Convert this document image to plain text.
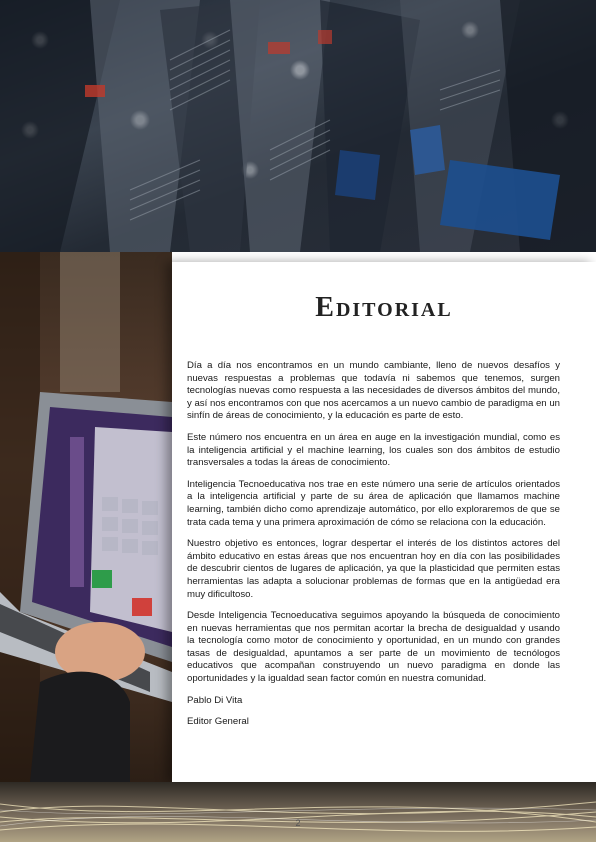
Editorial

Día a día nos encontramos en un mundo cambiante, lleno de nuevos desafíos y nuevas respuestas a problemas que todavía ni sabemos que tenemos, surgen tecnologías nuevas como respuesta a las necesidades de diversos ámbitos del mundo, y así nos encontramos con que nos acercamos a un nuevo cambio de paradigma en un sinfín de áreas de conocimiento, y la educación es parte de esto.

Este número nos encuentra en un área en auge en la investigación mundial, como es la inteligencia artificial y el machine learning, los cuales son dos ámbitos de estudio transversales a todas la áreas de conocimiento.

Inteligencia Tecnoeducativa nos trae en este número una serie de artículos orientados a la inteligencia artificial y parte de su área de aplicación que llamamos machine learning, también dicho como aprendizaje automático, por ello exploraremos de que se trata cada tema y una primera aproximación de cómo se relaciona con la educación.

Nuestro objetivo es entonces, lograr despertar el interés de los distintos actores del ámbito educativo en estas áreas que nos encuentran hoy en día con las posibilidades de descubrir cientos de lugares de aplicación, ya que la plasticidad que permiten estas herramientas las adapta a solucionar problemas de formas que en la antigüedad era muy dificultoso.

Desde Inteligencia Tecnoeducativa seguimos apoyando la búsqueda de conocimiento en nuevas herramientas que nos permitan acortar la brecha de desigualdad y usando la tecnología como motor de conocimiento y oportunidad, en un mundo con grandes tasas de desigualdad, apuntamos a ser parte de un movimiento de tecnólogos educativos que acompañan construyendo un nuevo paradigma en donde las oportunidades y la igualdad sean factor común en nuestra comunidad.

Pablo Di Vita

Editor General

2
